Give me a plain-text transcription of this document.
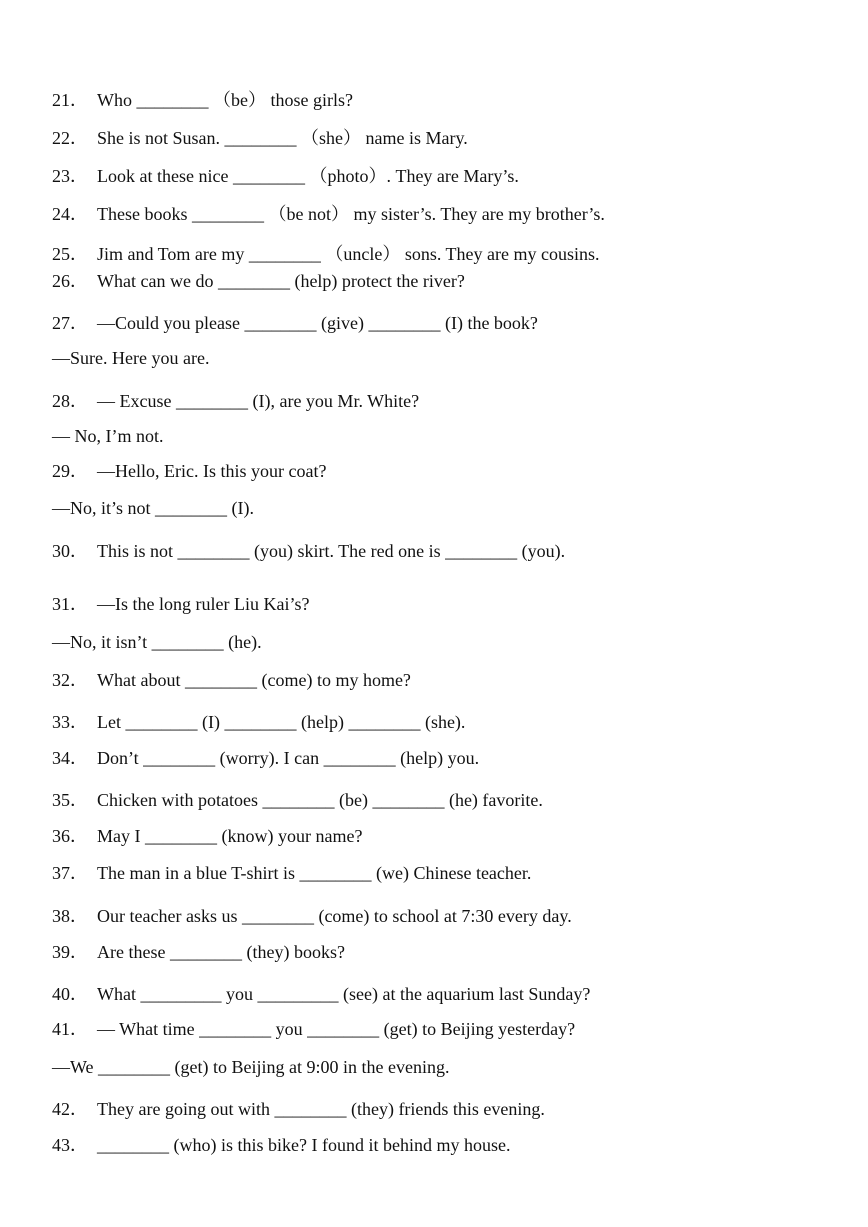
21． Who ________ （be） those girls?
22． She is not Susan. ________ （she） name is Mary.
23． Look at these nice ________ （photo）. They are Mary’s.
24． These books ________ （be not） my sister’s. They are my brother’s.
25． Jim and Tom are my ________ （uncle） sons. They are my cousins.
26． What can we do ________ (help) protect the river?
27． —Could you please ________ (give) ________ (I) the book?
—Sure. Here you are.
28． — Excuse ________ (I), are you Mr. White?
— No, I’m not.
29． —Hello, Eric. Is this your coat?
—No, it’s not ________ (I).
30． This is not ________ (you) skirt. The red one is ________ (you).
31． —Is the long ruler Liu Kai’s?
—No, it isn’t ________ (he).
32． What about ________ (come) to my home?
33． Let ________ (I) ________ (help) ________ (she).
34． Don’t ________ (worry). I can ________ (help) you.
35． Chicken with potatoes ________ (be) ________ (he) favorite.
36． May I ________ (know) your name?
37． The man in a blue T-shirt is ________ (we) Chinese teacher.
38． Our teacher asks us ________ (come) to school at 7:30 every day.
39． Are these ________ (they) books?
40． What _________ you _________ (see) at the aquarium last Sunday?
41． — What time ________ you ________ (get) to Beijing yesterday?
—We ________ (get) to Beijing at 9:00 in the evening.
42． They are going out with ________ (they) friends this evening.
43． ________ (who) is this bike? I found it behind my house.
